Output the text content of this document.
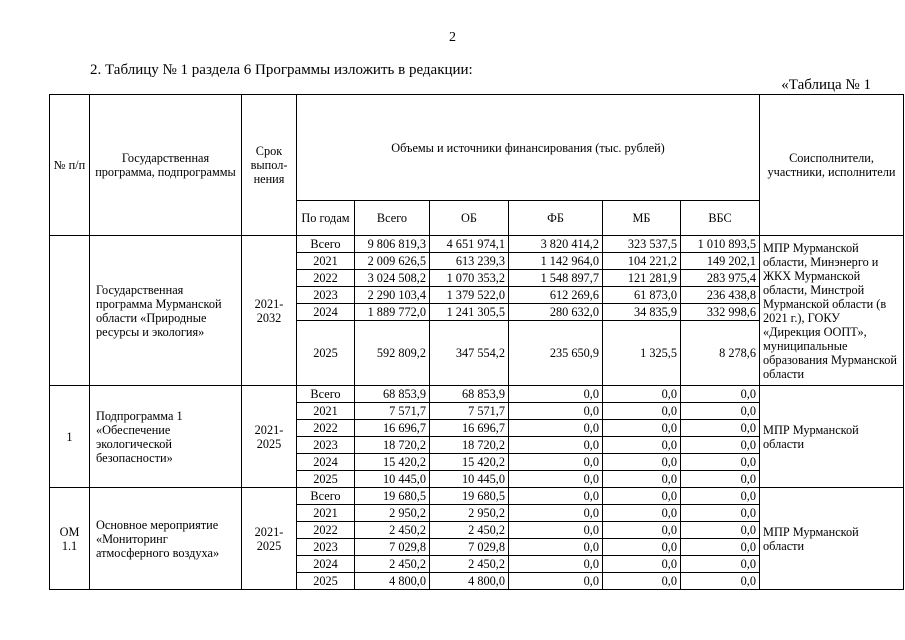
2
2. Таблицу № 1 раздела 6 Программы изложить в редакции:
«Таблица № 1
№ п/п	Государственная программа, подпрограммы	Срок выпол-нения	Объемы и источники финансирования (тыс. рублей)						Соисполнители, участники, исполнители
			По годам	Всего	ОБ	ФБ	МБ	ВБС	
	Государственная программа Мурманской области «Природные ресурсы и экология»	2021-2032	Всего	9 806 819,3	4 651 974,1	3 820 414,2	323 537,5	1 010 893,5	МПР Мурманской области, Минэнерго и ЖКХ Мурманской области, Минстрой Мурманской области (в 2021 г.), ГОКУ «Дирекция ООПТ», муниципальные образования Мурманской области
			2021	2 009 626,5	613 239,3	1 142 964,0	104 221,2	149 202,1	
			2022	3 024 508,2	1 070 353,2	1 548 897,7	121 281,9	283 975,4	
			2023	2 290 103,4	1 379 522,0	612 269,6	61 873,0	236 438,8	
			2024	1 889 772,0	1 241 305,5	280 632,0	34 835,9	332 998,6	
			2025	592 809,2	347 554,2	235 650,9	1 325,5	8 278,6	
1	Подпрограмма 1 «Обеспечение экологической безопасности»	2021-2025	Всего	68 853,9	68 853,9	0,0	0,0	0,0	МПР Мурманской области
			2021	7 571,7	7 571,7	0,0	0,0	0,0	
			2022	16 696,7	16 696,7	0,0	0,0	0,0	
			2023	18 720,2	18 720,2	0,0	0,0	0,0	
			2024	15 420,2	15 420,2	0,0	0,0	0,0	
			2025	10 445,0	10 445,0	0,0	0,0	0,0	
ОМ 1.1	Основное мероприятие «Мониторинг атмосферного воздуха»	2021-2025	Всего	19 680,5	19 680,5	0,0	0,0	0,0	МПР Мурманской области
			2021	2 950,2	2 950,2	0,0	0,0	0,0	
			2022	2 450,2	2 450,2	0,0	0,0	0,0	
			2023	7 029,8	7 029,8	0,0	0,0	0,0	
			2024	2 450,2	2 450,2	0,0	0,0	0,0	
			2025	4 800,0	4 800,0	0,0	0,0	0,0	
